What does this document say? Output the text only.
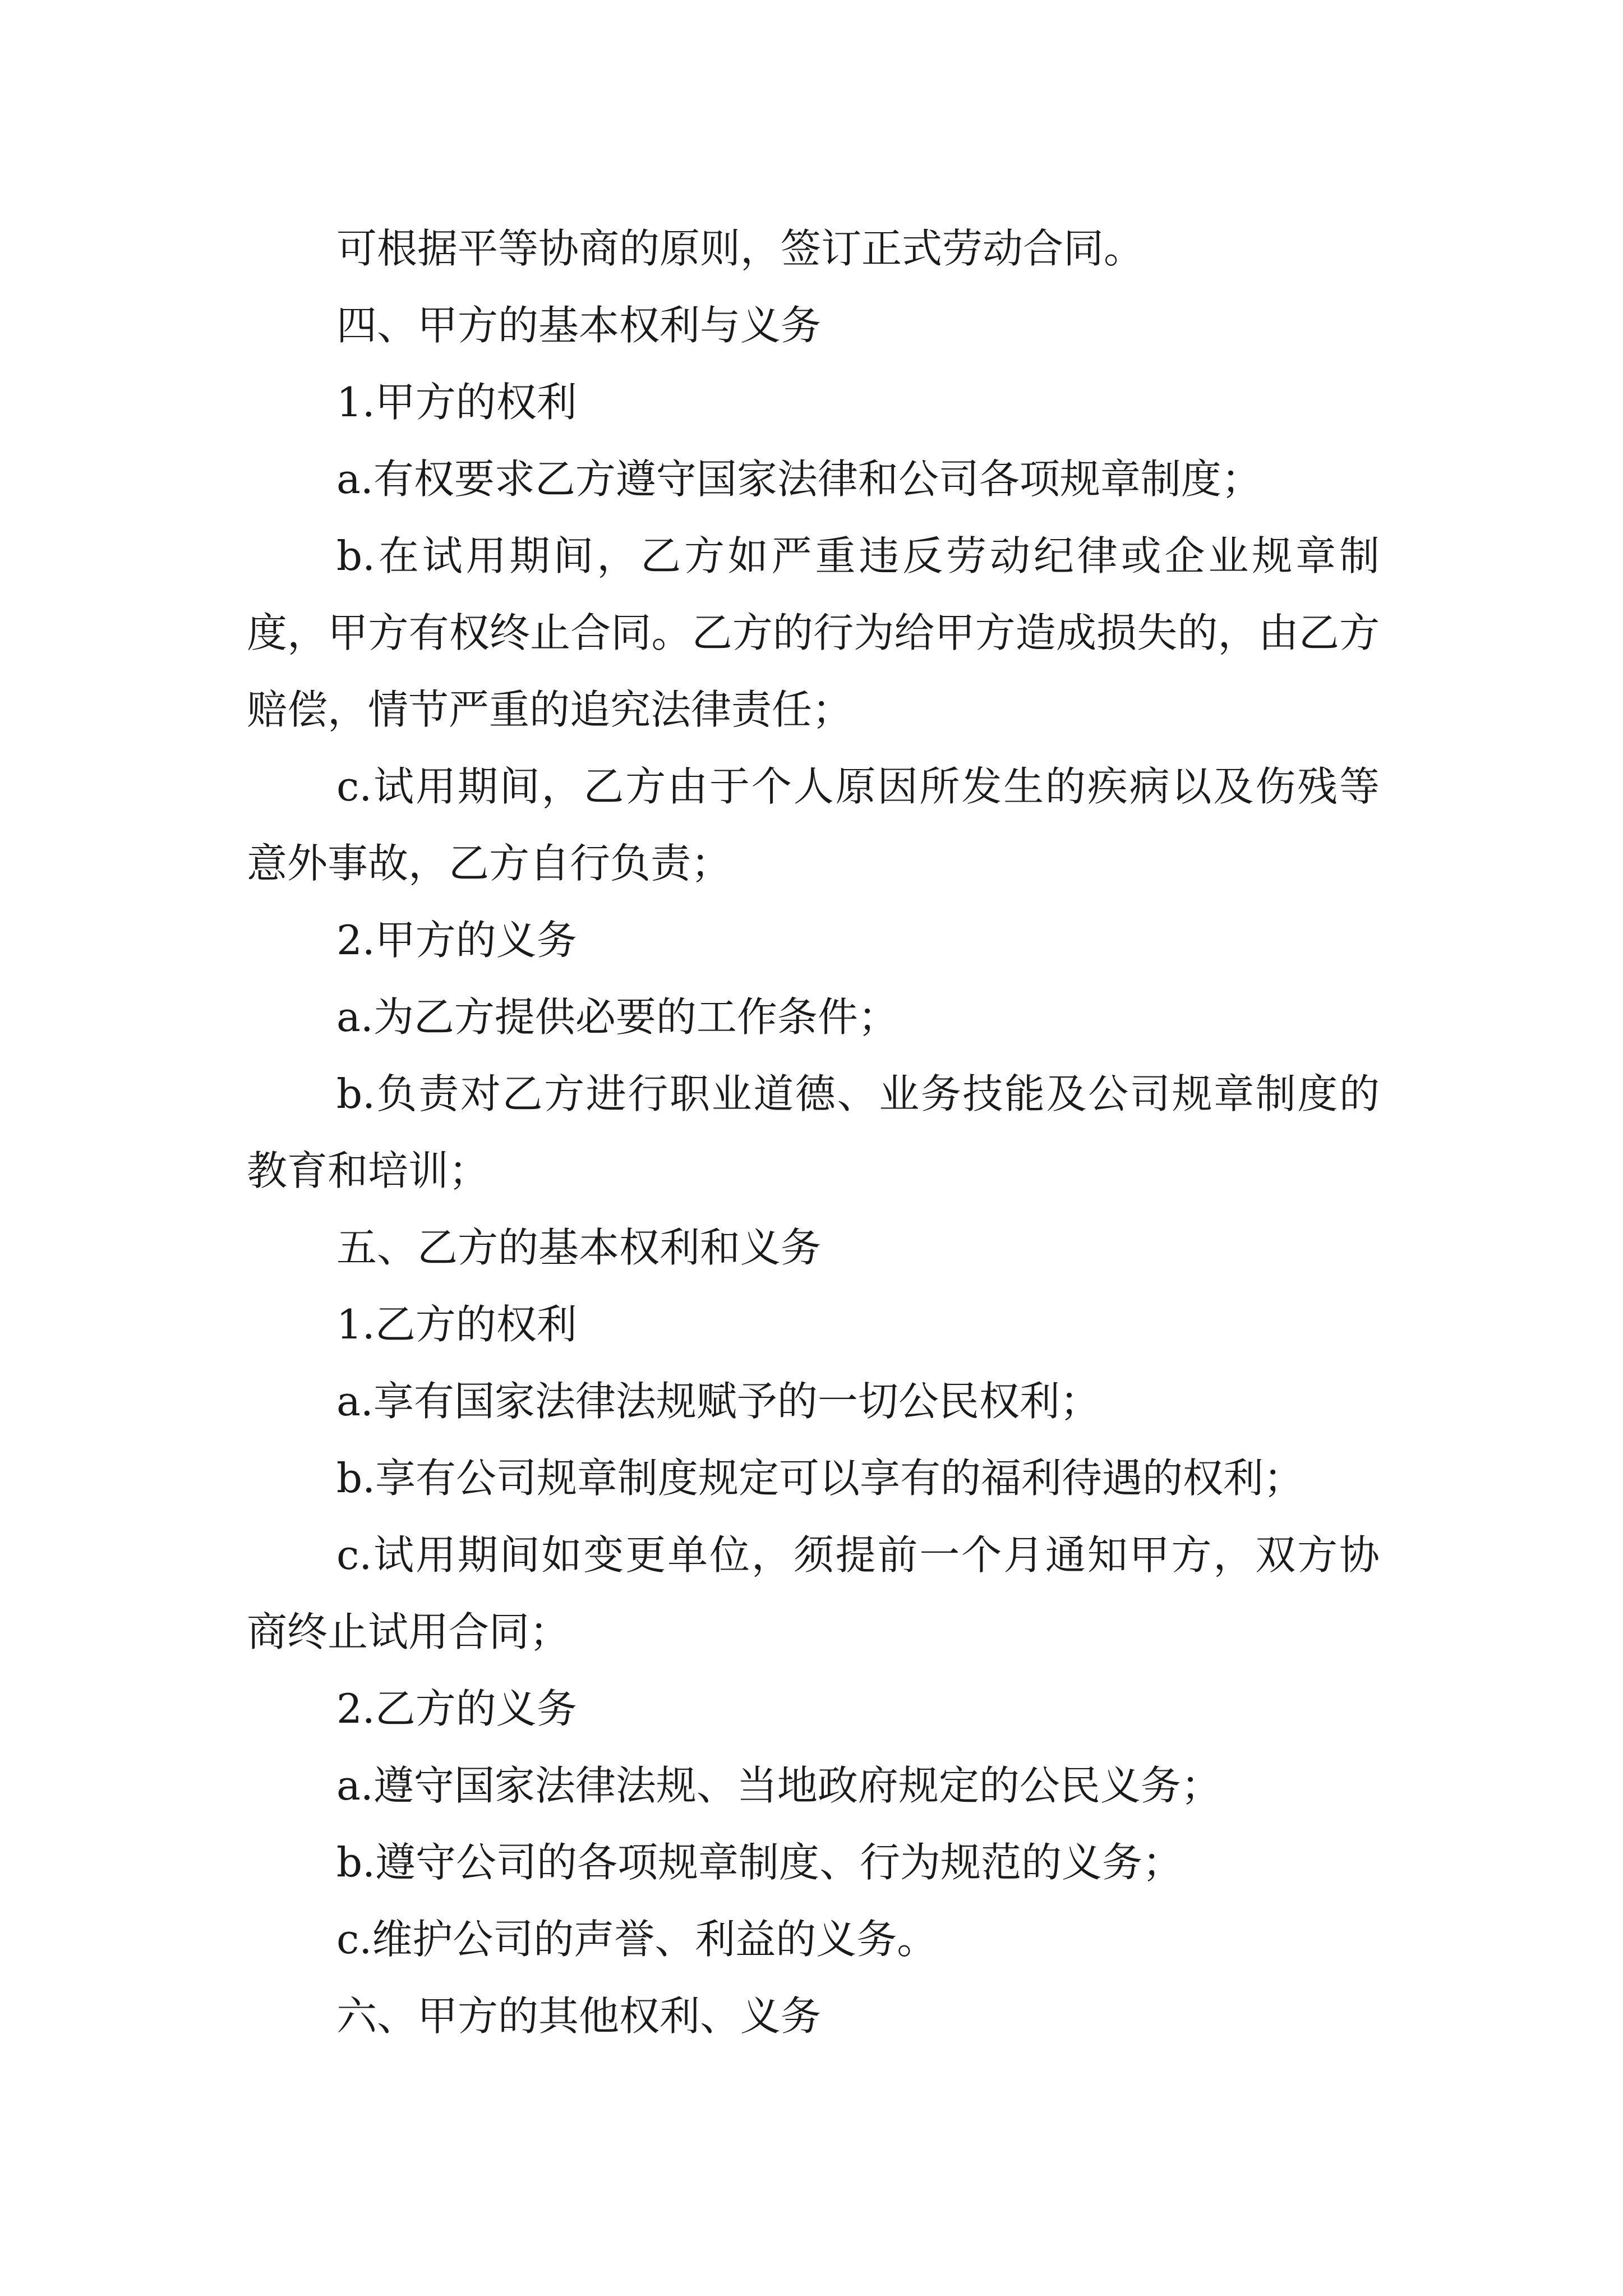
可根据平等协商的原则，签订正式劳动合同。

四、甲方的基本权利与义务

1.甲方的权利

a.有权要求乙方遵守国家法律和公司各项规章制度；

b.在试用期间，乙方如严重违反劳动纪律或企业规章制度，甲方有权终止合同。乙方的行为给甲方造成损失的，由乙方赔偿，情节严重的追究法律责任；

c.试用期间，乙方由于个人原因所发生的疾病以及伤残等意外事故，乙方自行负责；

2.甲方的义务

a.为乙方提供必要的工作条件；

b.负责对乙方进行职业道德、业务技能及公司规章制度的教育和培训；

五、乙方的基本权利和义务

1.乙方的权利

a.享有国家法律法规赋予的一切公民权利；

b.享有公司规章制度规定可以享有的福利待遇的权利；

c.试用期间如变更单位，须提前一个月通知甲方，双方协商终止试用合同；

2.乙方的义务

a.遵守国家法律法规、当地政府规定的公民义务；

b.遵守公司的各项规章制度、行为规范的义务；

c.维护公司的声誉、利益的义务。

六、甲方的其他权利、义务
